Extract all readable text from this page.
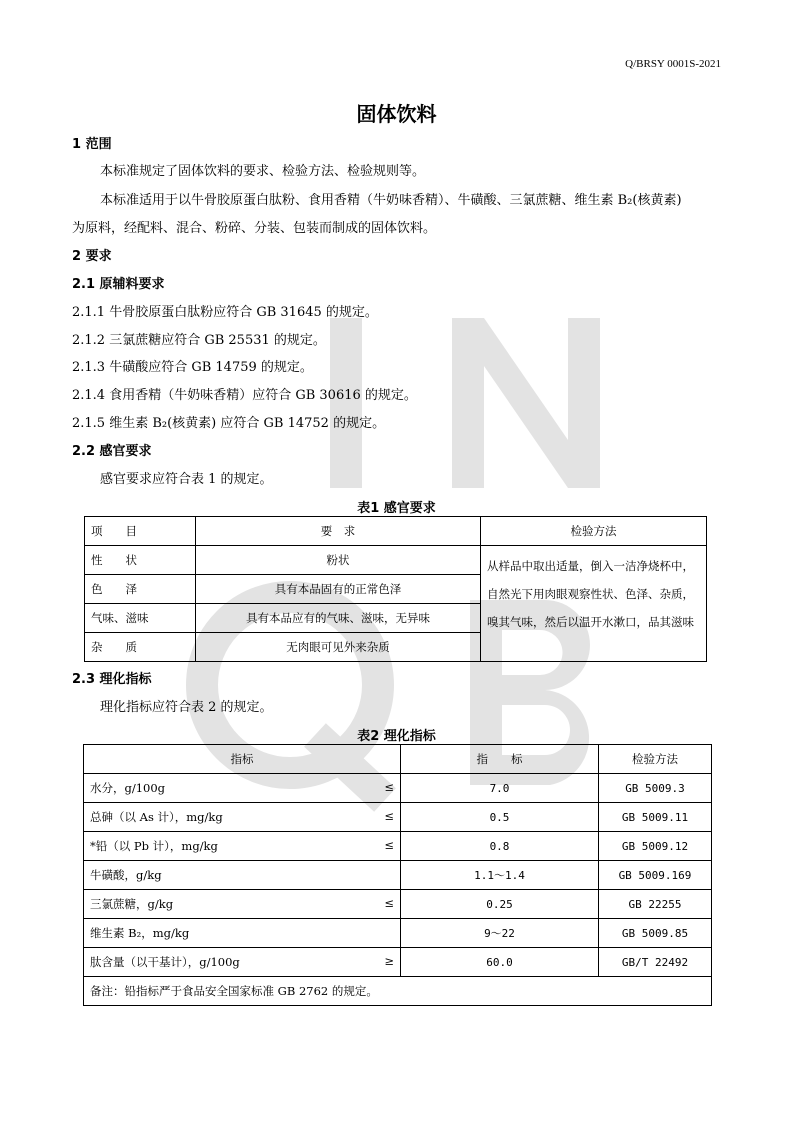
Q/BRSY 0001S-2021
固体饮料
1 范围
本标准规定了固体饮料的要求、检验方法、检验规则等。
本标准适用于以牛骨胶原蛋白肽粉、食用香精（牛奶味香精）、牛磺酸、三氯蔗糖、维生素 B₂(核黄素)
为原料，经配料、混合、粉碎、分装、包装而制成的固体饮料。
2 要求
2.1 原辅料要求
2.1.1 牛骨胶原蛋白肽粉应符合 GB 31645 的规定。
2.1.2 三氯蔗糖应符合 GB 25531 的规定。
2.1.3 牛磺酸应符合 GB 14759 的规定。
2.1.4 食用香精（牛奶味香精）应符合 GB 30616 的规定。
2.1.5 维生素 B₂(核黄素) 应符合 GB 14752 的规定。
2.2 感官要求
感官要求应符合表 1 的规定。
表1 感官要求
项　　目	要　求	检验方法
性　　状	粉状	从样品中取出适量，倒入一洁净烧杯中，自然光下用肉眼观察性状、色泽、杂质，嗅其气味，然后以温开水漱口，品其滋味
色　　泽	具有本品固有的正常色泽	
气味、滋味	具有本品应有的气味、滋味，无异味	
杂　　质	无肉眼可见外来杂质	
2.3 理化指标
理化指标应符合表 2 的规定。
表2 理化指标
指标	指　　标	检验方法
水分，g/100g ≤	7.0	GB 5009.3
总砷（以 As 计），mg/kg ≤	0.5	GB 5009.11
*铅（以 Pb 计），mg/kg ≤	0.8	GB 5009.12
牛磺酸，g/kg	1.1～1.4	GB 5009.169
三氯蔗糖，g/kg ≤	0.25	GB 22255
维生素 B₂，mg/kg	9～22	GB 5009.85
肽含量（以干基计），g/100g ≥	60.0	GB/T 22492
备注：铅指标严于食品安全国家标准 GB 2762 的规定。		
